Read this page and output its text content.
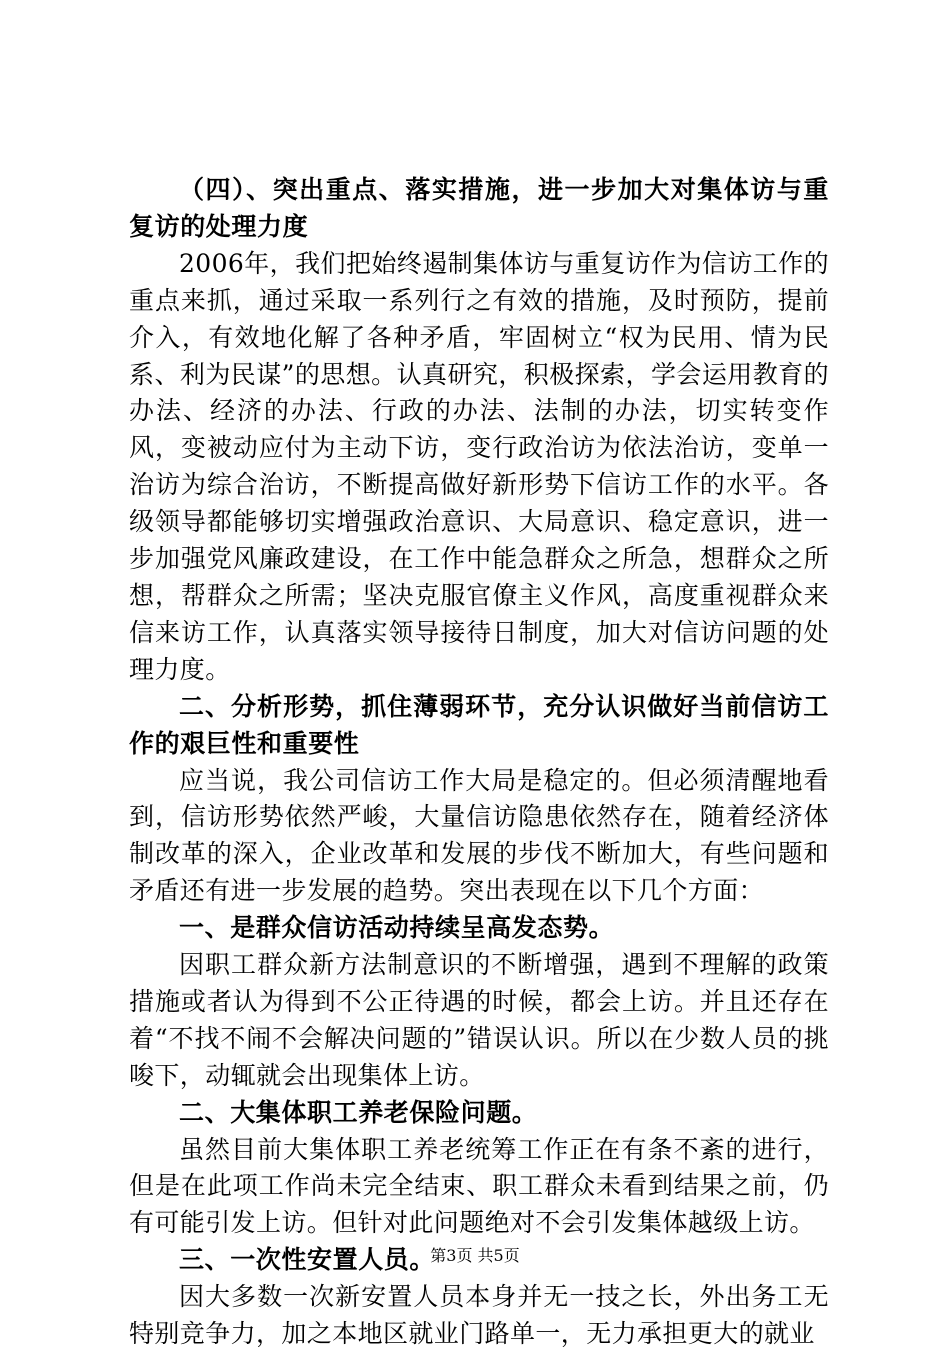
（四）、突出重点、落实措施，进一步加大对集体访与重复访的处理力度

2006年，我们把始终遏制集体访与重复访作为信访工作的重点来抓，通过采取一系列行之有效的措施，及时预防，提前介入，有效地化解了各种矛盾，牢固树立“权为民用、情为民系、利为民谋”的思想。认真研究，积极探索，学会运用教育的办法、经济的办法、行政的办法、法制的办法，切实转变作风，变被动应付为主动下访，变行政治访为依法治访，变单一治访为综合治访，不断提高做好新形势下信访工作的水平。各级领导都能够切实增强政治意识、大局意识、稳定意识，进一步加强党风廉政建设，在工作中能急群众之所急，想群众之所想，帮群众之所需；坚决克服官僚主义作风，高度重视群众来信来访工作，认真落实领导接待日制度，加大对信访问题的处理力度。

二、分析形势，抓住薄弱环节，充分认识做好当前信访工作的艰巨性和重要性

应当说，我公司信访工作大局是稳定的。但必须清醒地看到，信访形势依然严峻，大量信访隐患依然存在，随着经济体制改革的深入，企业改革和发展的步伐不断加大，有些问题和矛盾还有进一步发展的趋势。突出表现在以下几个方面：

一、是群众信访活动持续呈高发态势。

因职工群众新方法制意识的不断增强，遇到不理解的政策措施或者认为得到不公正待遇的时候，都会上访。并且还存在着“不找不闹不会解决问题的”错误认识。所以在少数人员的挑唆下，动辄就会出现集体上访。

二、大集体职工养老保险问题。

虽然目前大集体职工养老统筹工作正在有条不紊的进行，但是在此项工作尚未完全结束、职工群众未看到结果之前，仍有可能引发上访。但针对此问题绝对不会引发集体越级上访。

三、一次性安置人员。

因大多数一次新安置人员本身并无一技之长，外出务工无特别竞争力，加之本地区就业门路单一，无力承担更大的就业

第3页 共5页
